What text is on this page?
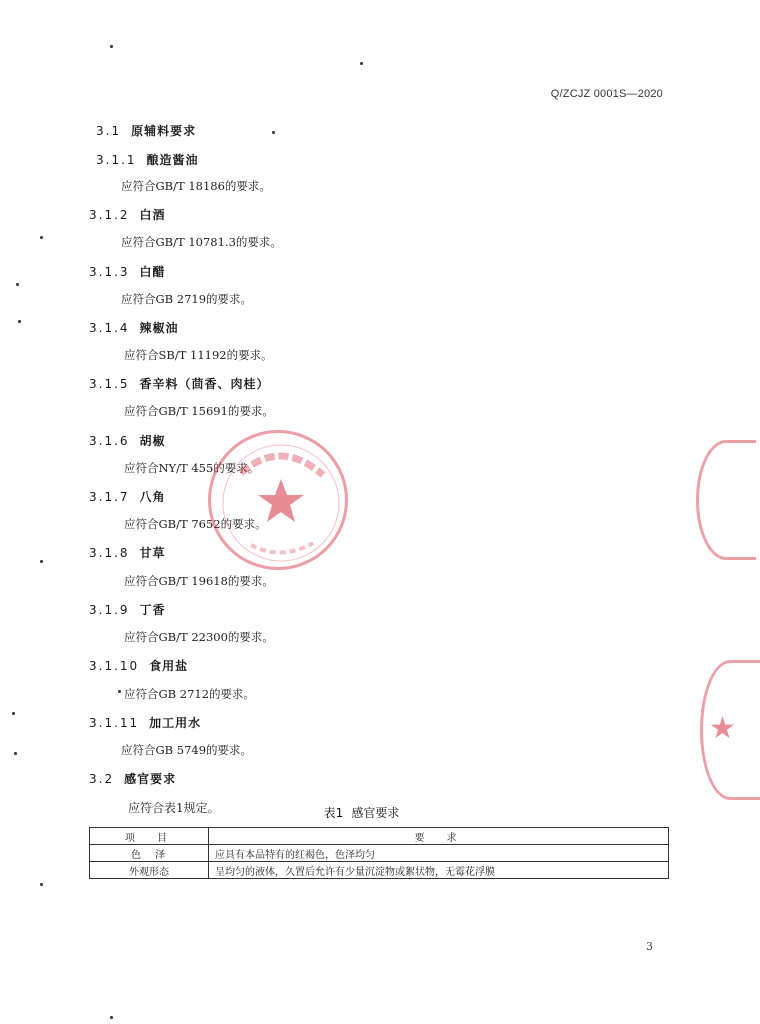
Q/ZCJZ 0001S—2020
3.1 原辅料要求
3.1.1 酿造酱油
应符合GB/T 18186的要求。
3.1.2 白酒
应符合GB/T 10781.3的要求。
3.1.3 白醋
应符合GB 2719的要求。
3.1.4 辣椒油
应符合SB/T 11192的要求。
3.1.5 香辛料（茴香、肉桂）
应符合GB/T 15691的要求。
3.1.6 胡椒
应符合NY/T 455的要求。
3.1.7 八角
应符合GB/T 7652的要求。
3.1.8 甘草
应符合GB/T 19618的要求。
3.1.9 丁香
应符合GB/T 22300的要求。
3.1.10 食用盐
应符合GB 2712的要求。
3.1.11 加工用水
应符合GB 5749的要求。
3.2 感官要求
应符合表1规定。	表1 感官要求
项　目	要　求
色　泽	应具有本品特有的红褐色，色泽均匀
外观形态	呈均匀的液体，久置后允许有少量沉淀物或絮状物，无霉花浮膜
3
★
